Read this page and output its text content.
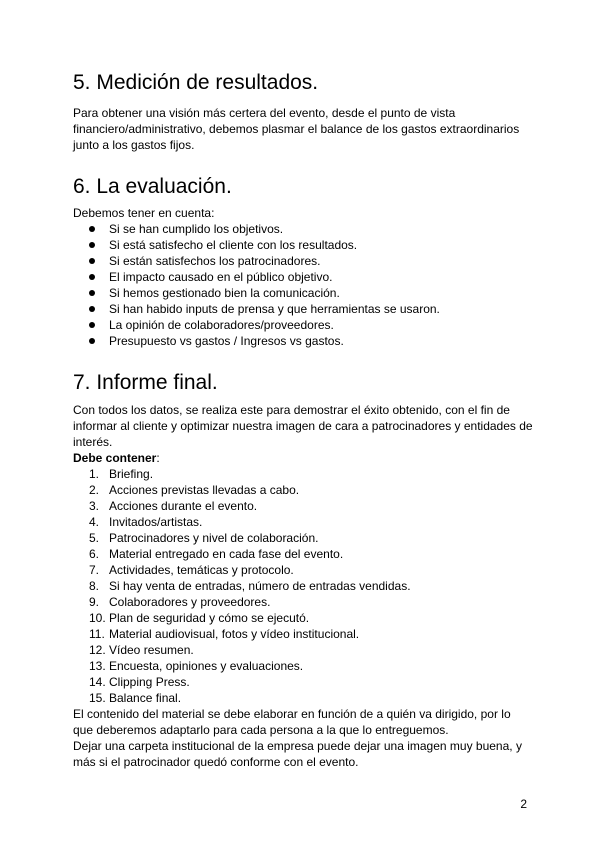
5. Medición de resultados.

Para obtener una visión más certera del evento, desde el punto de vista financiero/administrativo, debemos plasmar el balance de los gastos extraordinarios junto a los gastos fijos.

6. La evaluación.

Debemos tener en cuenta:

Si se han cumplido los objetivos.
Si está satisfecho el cliente con los resultados.
Si están satisfechos los patrocinadores.
El impacto causado en el público objetivo.
Si hemos gestionado bien la comunicación.
Si han habido inputs de prensa y que herramientas se usaron.
La opinión de colaboradores/proveedores.
Presupuesto vs gastos / Ingresos vs gastos.
7. Informe final.

Con todos los datos, se realiza este para demostrar el éxito obtenido, con el fin de informar al cliente y optimizar nuestra imagen de cara a patrocinadores y entidades de interés.

Debe contener:

1. Briefing.
2. Acciones previstas llevadas a cabo.
3. Acciones durante el evento.
4. Invitados/artistas.
5. Patrocinadores y nivel de colaboración.
6. Material entregado en cada fase del evento.
7. Actividades, temáticas y protocolo.
8. Si hay venta de entradas, número de entradas vendidas.
9. Colaboradores y proveedores.
10. Plan de seguridad y cómo se ejecutó.
11. Material audiovisual, fotos y vídeo institucional.
12. Vídeo resumen.
13. Encuesta, opiniones y evaluaciones.
14. Clipping Press.
15. Balance final.

El contenido del material se debe elaborar en función de a quién va dirigido, por lo que deberemos adaptarlo para cada persona a la que lo entreguemos.

Dejar una carpeta institucional de la empresa puede dejar una imagen muy buena, y más si el patrocinador quedó conforme con el evento.

2
